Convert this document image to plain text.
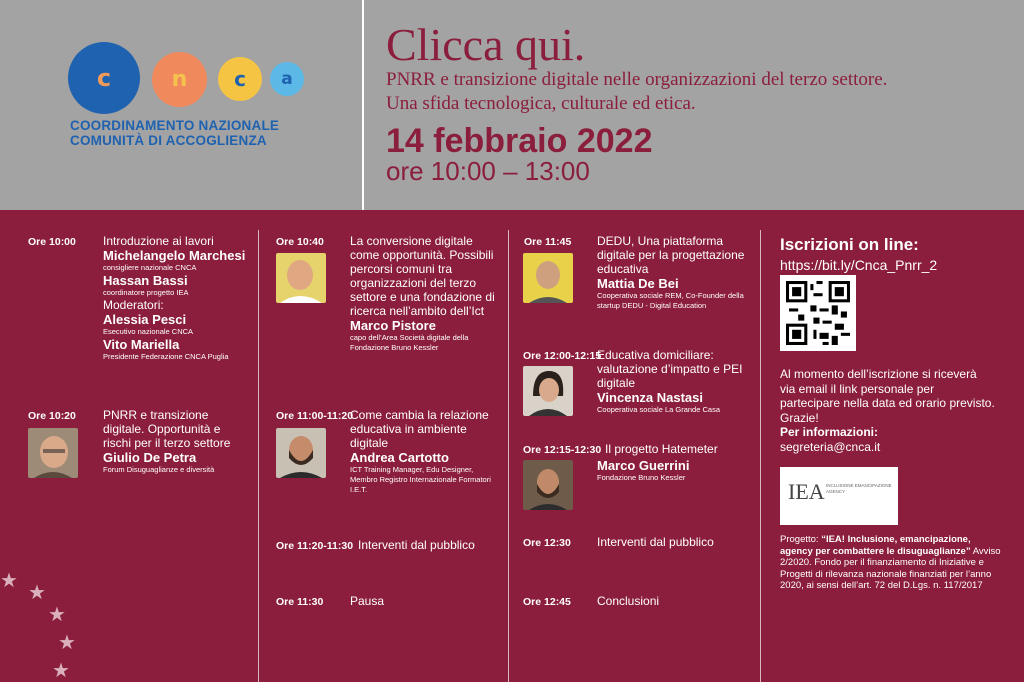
c	n c a
COORDINAMENTO NAZIONALE
COMUNITÀ DI ACCOGLIENZA
Clicca qui.
PNRR e transizione digitale nelle organizzazioni del terzo settore.
Una sfida tecnologica, culturale ed etica.
14 febbraio 2022
ore 10:00 – 13:00
Ore 10:00 Introduzione ai lavori
Michelangelo Marchesi
consigliere nazionale CNCA
Hassan Bassi
coordinatore progetto IEA
Moderatori:
Alessia Pesci
Esecutivo nazionale CNCA
Vito Mariella
Presidente Federazione CNCA Puglia
Ore 10:20 PNRR e transizione digitale. Opportunità e rischi per il terzo settore
Giulio De Petra
Forum Disuguaglianze e diversità
Ore 10:40 La conversione digitale come opportunità. Possibili percorsi comuni tra organizzazioni del terzo settore e una fondazione di ricerca nell’ambito dell’Ict
Marco Pistore
capo dell’Area Società digitale della Fondazione Bruno Kessler
Ore 11:00-11:20
Come cambia la relazione educativa in ambiente digitale
Andrea Cartotto
ICT Training Manager, Edu Designer, Membro Registro Internazionale Formatori I.E.T.
Ore 11:20-11:30 Interventi dal pubblico
Ore 11:30 Pausa
Ore 11:45 DEDU, Una piattaforma digitale per la progettazione educativa
Mattia De Bei
Cooperativa sociale REM, Co-Founder della startup DEDU - Digital Education
Ore 12:00-12:15
Educativa domiciliare: valutazione d’impatto e PEI digitale
Vincenza Nastasi
Cooperativa sociale La Grande Casa
Ore 12:15-12:30 Il progetto Hatemeter
Marco Guerrini
Fondazione Bruno Kessler
Ore 12:30 Interventi dal pubblico
Ore 12:45 Conclusioni
Iscrizioni on line:
https://bit.ly/Cnca_Pnrr_2
Al momento dell’iscrizione si riceverà via email il link personale per partecipare nella data ed orario previsto. Grazie!
Per informazioni:
segreteria@cnca.it
IEA INCLUSIONE EMANCIPAZIONE AGENCY
Progetto: “IEA! Inclusione, emancipazione, agency per combattere le disuguaglianze” Avviso 2/2020. Fondo per il finanziamento di Iniziative e Progetti di rilevanza nazionale finanziati per l’anno 2020, ai sensi dell’art. 72 del D.Lgs. n. 117/2017
★
★
★
★
★
